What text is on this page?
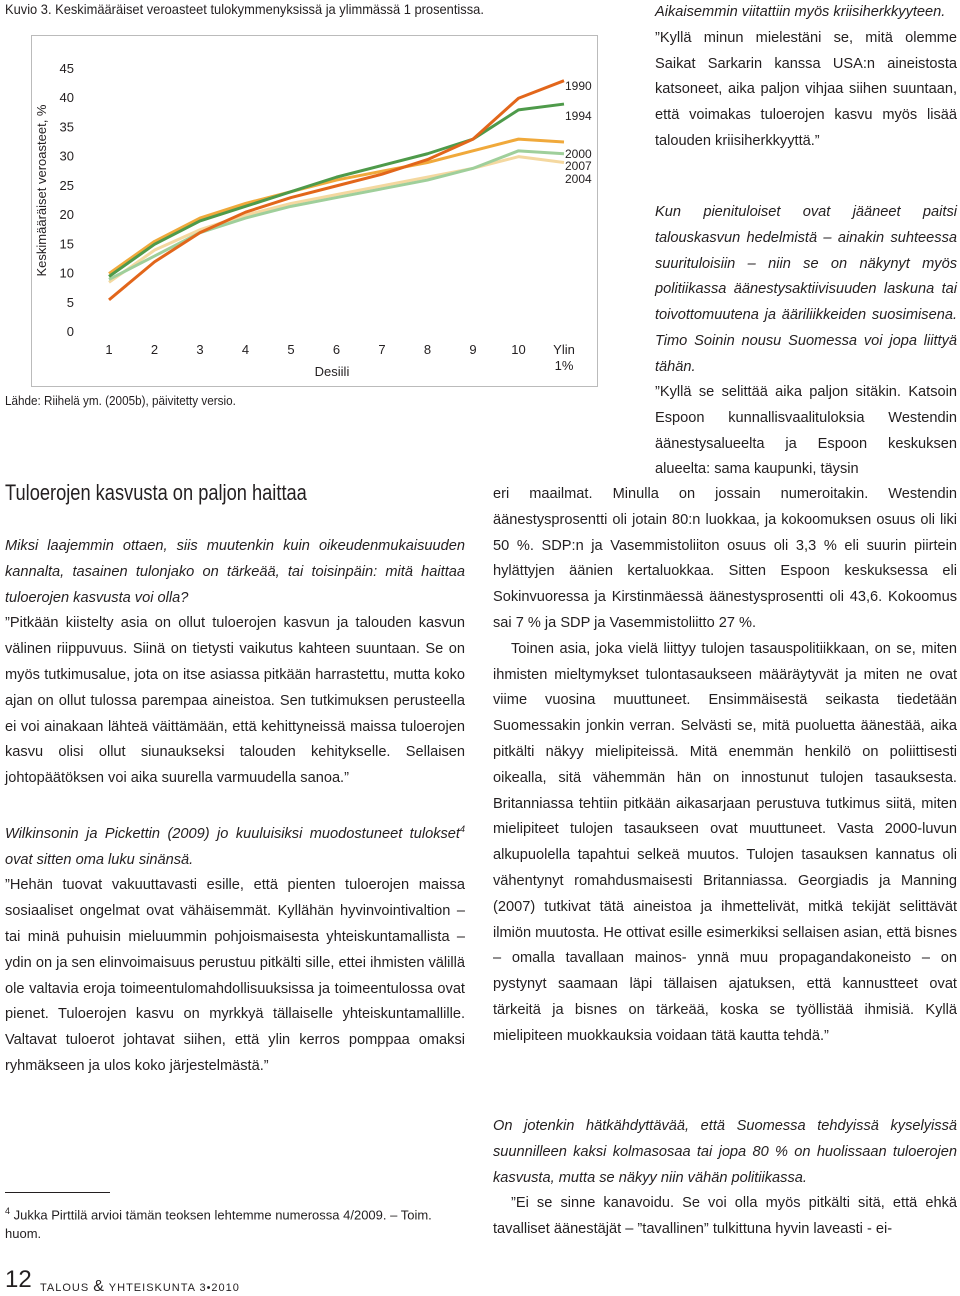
Kuvio 3. Keskimääräiset veroasteet tulokymmenyksissä ja ylimmässä 1 prosentissa.
0
5
10
15
20
25
30
35
40
45
1	2	3	4	5	6	7	8	9	10 Ylin
1%
Desiili
Keskimääräiset veroasteet, %
1990
1994
2000
2007
2004
Lähde: Riihelä ym. (2005b), päivitetty versio.
Tuloerojen kasvusta on paljon haittaa

Miksi laajemmin ottaen, siis muutenkin kuin oikeudenmukaisuuden kannalta, tasainen tulonjako on tärkeää, tai toisinpäin: mitä haittaa tuloerojen kasvusta voi olla?

”Pitkään kiistelty asia on ollut tuloerojen kasvun ja talouden kasvun välinen riippuvuus. Siinä on tietysti vaikutus kahteen suuntaan. Se on myös tutkimusalue, jota on itse asiassa pitkään harrastettu, mutta koko ajan on ollut tulossa parempaa aineistoa. Sen tutkimuksen perusteella ei voi ainakaan lähteä väittämään, että kehittyneissä maissa tuloerojen kasvu olisi ollut siunaukseksi talouden kehitykselle. Sellaisen johtopäätöksen voi aika suurella varmuudella sanoa.”

Wilkinsonin ja Pickettin (2009) jo kuuluisiksi muodostuneet tulokset$^4$ ovat sitten oma luku sinänsä.

”Hehän tuovat vakuuttavasti esille, että pienten tuloerojen maissa sosiaaliset ongelmat ovat vähäisemmät. Kyllähän hyvinvointivaltion – tai minä puhuisin mieluummin pohjoismaisesta yhteiskuntamallista – ydin on ja sen elinvoimaisuus perustuu pitkälti sille, ettei ihmisten välillä ole valtavia eroja toimeentulomahdollisuuksissa ja toimeentulossa ovat pienet. Tuloerojen kasvu on myrkkyä tällaiselle yhteiskuntamallille. Valtavat tuloerot johtavat siihen, että ylin kerros pomppaa omaksi ryhmäkseen ja ulos koko järjestelmästä.”

$^4$ Jukka Pirttilä arvioi tämän teoksen lehtemme numerossa 4/2009. – Toim. huom.

Aikaisemmin viitattiin myös kriisiherkkyyteen.

”Kyllä minun mielestäni se, mitä olemme Saikat Sarkarin kanssa USA:n aineistosta katsoneet, aika paljon vihjaa siihen suuntaan, että voimakas tuloerojen kasvu myös lisää talouden kriisiherkkyyttä.”

Kun pienituloiset ovat jääneet paitsi talouskasvun hedelmistä – ainakin suhteessa suurituloisiin – niin se on näkynyt myös politiikassa äänestysaktiivisuuden laskuna tai toivottomuutena ja ääriliikkeiden suosimisena. Timo Soinin nousu Suomessa voi jopa liittyä tähän.

”Kyllä se selittää aika paljon sitäkin. Katsoin Espoon kunnallisvaalituloksia Westendin äänestysalueelta ja Espoon keskuksen alueelta: sama kaupunki, täysin

eri maailmat. Minulla on jossain numeroitakin. Westendin äänestysprosentti oli jotain 80:n luokkaa, ja kokoomuksen osuus oli liki 50 %. SDP:n ja Vasemmistoliiton osuus oli 3,3 % eli suurin piirtein hylättyjen äänien kertaluokkaa. Sitten Espoon keskuksessa eli Sokinvuoressa ja Kirstinmäessä äänestysprosentti oli 43,6. Kokoomus sai 7 % ja SDP ja Vasemmistoliitto 27 %.

Toinen asia, joka vielä liittyy tulojen tasauspolitiikkaan, on se, miten ihmisten mieltymykset tulontasaukseen määräytyvät ja miten ne ovat viime vuosina muuttuneet. Ensimmäisestä seikasta tiedetään Suomessakin jonkin verran. Selvästi se, mitä puoluetta äänestää, aika pitkälti näkyy mielipiteissä. Mitä enemmän henkilö on poliittisesti oikealla, sitä vähemmän hän on innostunut tulojen tasauksesta. Britanniassa tehtiin pitkään aikasarjaan perustuva tutkimus siitä, miten mielipiteet tulojen tasaukseen ovat muuttuneet. Vasta 2000-luvun alkupuolella tapahtui selkeä muutos. Tulojen tasauksen kannatus oli vähentynyt romahdusmaisesti Britanniassa. Georgiadis ja Manning (2007) tutkivat tätä aineistoa ja ihmettelivät, mitkä tekijät selittävät ilmiön muutosta. He ottivat esille esimerkiksi sellaisen asian, että bisnes – omalla tavallaan mainos- ynnä muu propagandakoneisto – on pystynyt saamaan läpi tällaisen ajatuksen, että kannustteet ovat tärkeitä ja bisnes on tärkeää, koska se työllistää ihmisiä. Kyllä mielipiteen muokkauksia voidaan tätä kautta tehdä.”

On jotenkin hätkähdyttävää, että Suomessa tehdyissä kyselyissä suunnilleen kaksi kolmasosaa tai jopa 80 % on huolissaan tuloerojen kasvusta, mutta se näkyy niin vähän politiikassa.

”Ei se sinne kanavoidu. Se voi olla myös pitkälti sitä, että ehkä tavalliset äänestäjät – ”tavallinen” tulkittuna hyvin laveasti - ei-

12 TALOUS & YHTEISKUNTA 3•2010
